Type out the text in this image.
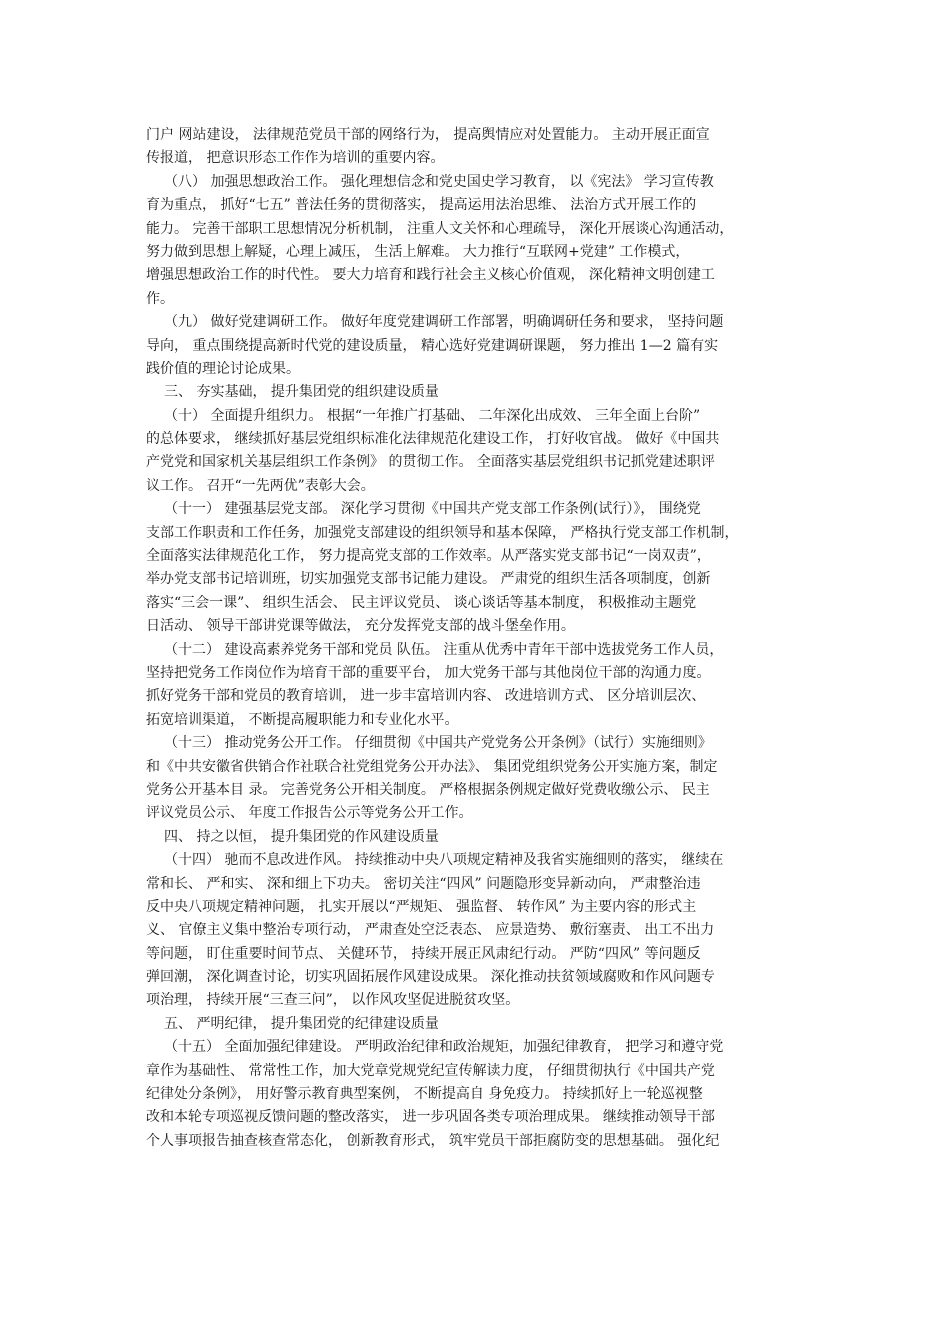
门户 网站建设， 法律规范党员干部的网络行为， 提高舆情应对处置能力。 主动开展正面宣
传报道， 把意识形态工作作为培训的重要内容。
（八） 加强思想政治工作。 强化理想信念和党史国史学习教育， 以《宪法》 学习宣传教
育为重点， 抓好“七五” 普法任务的贯彻落实， 提高运用法治思维、 法治方式开展工作的
能力。 完善干部职工思想情况分析机制， 注重人文关怀和心理疏导， 深化开展谈心沟通活动，
努力做到思想上解疑，心理上减压， 生活上解难。 大力推行“互联网+党建” 工作模式，
增强思想政治工作的时代性。 要大力培育和践行社会主义核心价值观， 深化精神文明创建工
作。
（九） 做好党建调研工作。 做好年度党建调研工作部署，明确调研任务和要求， 坚持问题
导向， 重点围绕提高新时代党的建设质量， 精心选好党建调研课题， 努力推出 1—2 篇有实
践价值的理论讨论成果。
三、 夯实基础， 提升集团党的组织建设质量
（十） 全面提升组织力。 根据“一年推广打基础、 二年深化出成效、 三年全面上台阶”
的总体要求， 继续抓好基层党组织标准化法律规范化建设工作， 打好收官战。 做好《中国共
产党党和国家机关基层组织工作条例》 的贯彻工作。 全面落实基层党组织书记抓党建述职评
议工作。 召开“一先两优”表彰大会。
（十一） 建强基层党支部。 深化学习贯彻《中国共产党支部工作条例(试行）》， 围绕党
支部工作职责和工作任务，加强党支部建设的组织领导和基本保障， 严格执行党支部工作机制，
全面落实法律规范化工作， 努力提高党支部的工作效率。从严落实党支部书记“一岗双责”，
举办党支部书记培训班，切实加强党支部书记能力建设。 严肃党的组织生活各项制度，创新
落实“三会一课”、 组织生活会、 民主评议党员、 谈心谈话等基本制度， 积极推动主题党
日活动、 领导干部讲党课等做法， 充分发挥党支部的战斗堡垒作用。
（十二） 建设高素养党务干部和党员 队伍。 注重从优秀中青年干部中选拔党务工作人员，
坚持把党务工作岗位作为培育干部的重要平台， 加大党务干部与其他岗位干部的沟通力度。
抓好党务干部和党员的教育培训， 进一步丰富培训内容、 改进培训方式、 区分培训层次、
拓宽培训渠道， 不断提高履职能力和专业化水平。
（十三） 推动党务公开工作。 仔细贯彻《中国共产党党务公开条例》（试行）实施细则》
和《中共安徽省供销合作社联合社党组党务公开办法》、 集团党组织党务公开实施方案，制定
党务公开基本目 录。 完善党务公开相关制度。 严格根据条例规定做好党费收缴公示、 民主
评议党员公示、 年度工作报告公示等党务公开工作。
四、 持之以恒， 提升集团党的作风建设质量
（十四） 驰而不息改进作风。 持续推动中央八项规定精神及我省实施细则的落实， 继续在
常和长、 严和实、 深和细上下功夫。 密切关注“四风” 问题隐形变异新动向， 严肃整治违
反中央八项规定精神问题， 扎实开展以“严规矩、 强监督、 转作风” 为主要内容的形式主
义、 官僚主义集中整治专项行动， 严肃查处空泛表态、 应景造势、 敷衍塞责、 出工不出力
等问题， 盯住重要时间节点、 关健环节， 持续开展正风肃纪行动。 严防“四风” 等问题反
弹回潮， 深化调查讨论，切实巩固拓展作风建设成果。 深化推动扶贫领域腐败和作风问题专
项治理， 持续开展“三查三问”， 以作风攻坚促进脱贫攻坚。
五、 严明纪律， 提升集团党的纪律建设质量
（十五） 全面加强纪律建设。 严明政治纪律和政治规矩，加强纪律教育， 把学习和遵守党
章作为基础性、 常常性工作，加大党章党规党纪宣传解读力度， 仔细贯彻执行《中国共产党
纪律处分条例》， 用好警示教育典型案例， 不断提高自 身免疫力。 持续抓好上一轮巡视整
改和本轮专项巡视反馈问题的整改落实， 进一步巩固各类专项治理成果。 继续推动领导干部
个人事项报告抽查核查常态化， 创新教育形式， 筑牢党员干部拒腐防变的思想基础。 强化纪
